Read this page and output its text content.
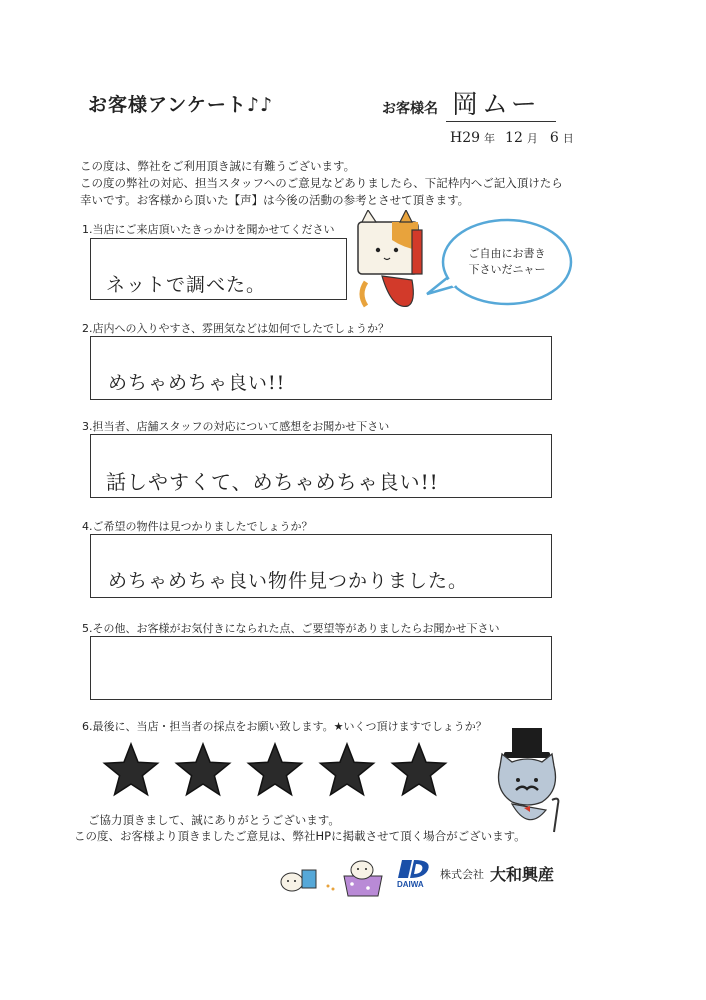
お客様アンケート♪♪	お客様名 岡ムー
H29 年 12 月 6 日
この度は、弊社をご利用頂き誠に有難うございます。
この度の弊社の対応、担当スタッフへのご意見などありましたら、下記枠内へご記入頂けたら
幸いです。お客様から頂いた【声】は今後の活動の参考とさせて頂きます。
1.当店にご来店頂いたきっかけを聞かせてください
ネットで調べた。
ご自由にお書き
下さいだニャー
2.店内への入りやすさ、雰囲気などは如何でしたでしょうか？
めちゃめちゃ良い!!
3.担当者、店舗スタッフの対応について感想をお聞かせ下さい
話しやすくて、めちゃめちゃ良い!!
4.ご希望の物件は見つかりましたでしょうか？
めちゃめちゃ良い物件見つかりました。
5.その他、お客様がお気付きになられた点、ご要望等がありましたらお聞かせ下さい
6.最後に、当店・担当者の採点をお願い致します。★いくつ頂けますでしょうか？
ご協力頂きまして、誠にありがとうございます。
この度、お客様より頂きましたご意見は、弊社HPに掲載させて頂く場合がございます。
DAIWA
株式会社 大和興産
